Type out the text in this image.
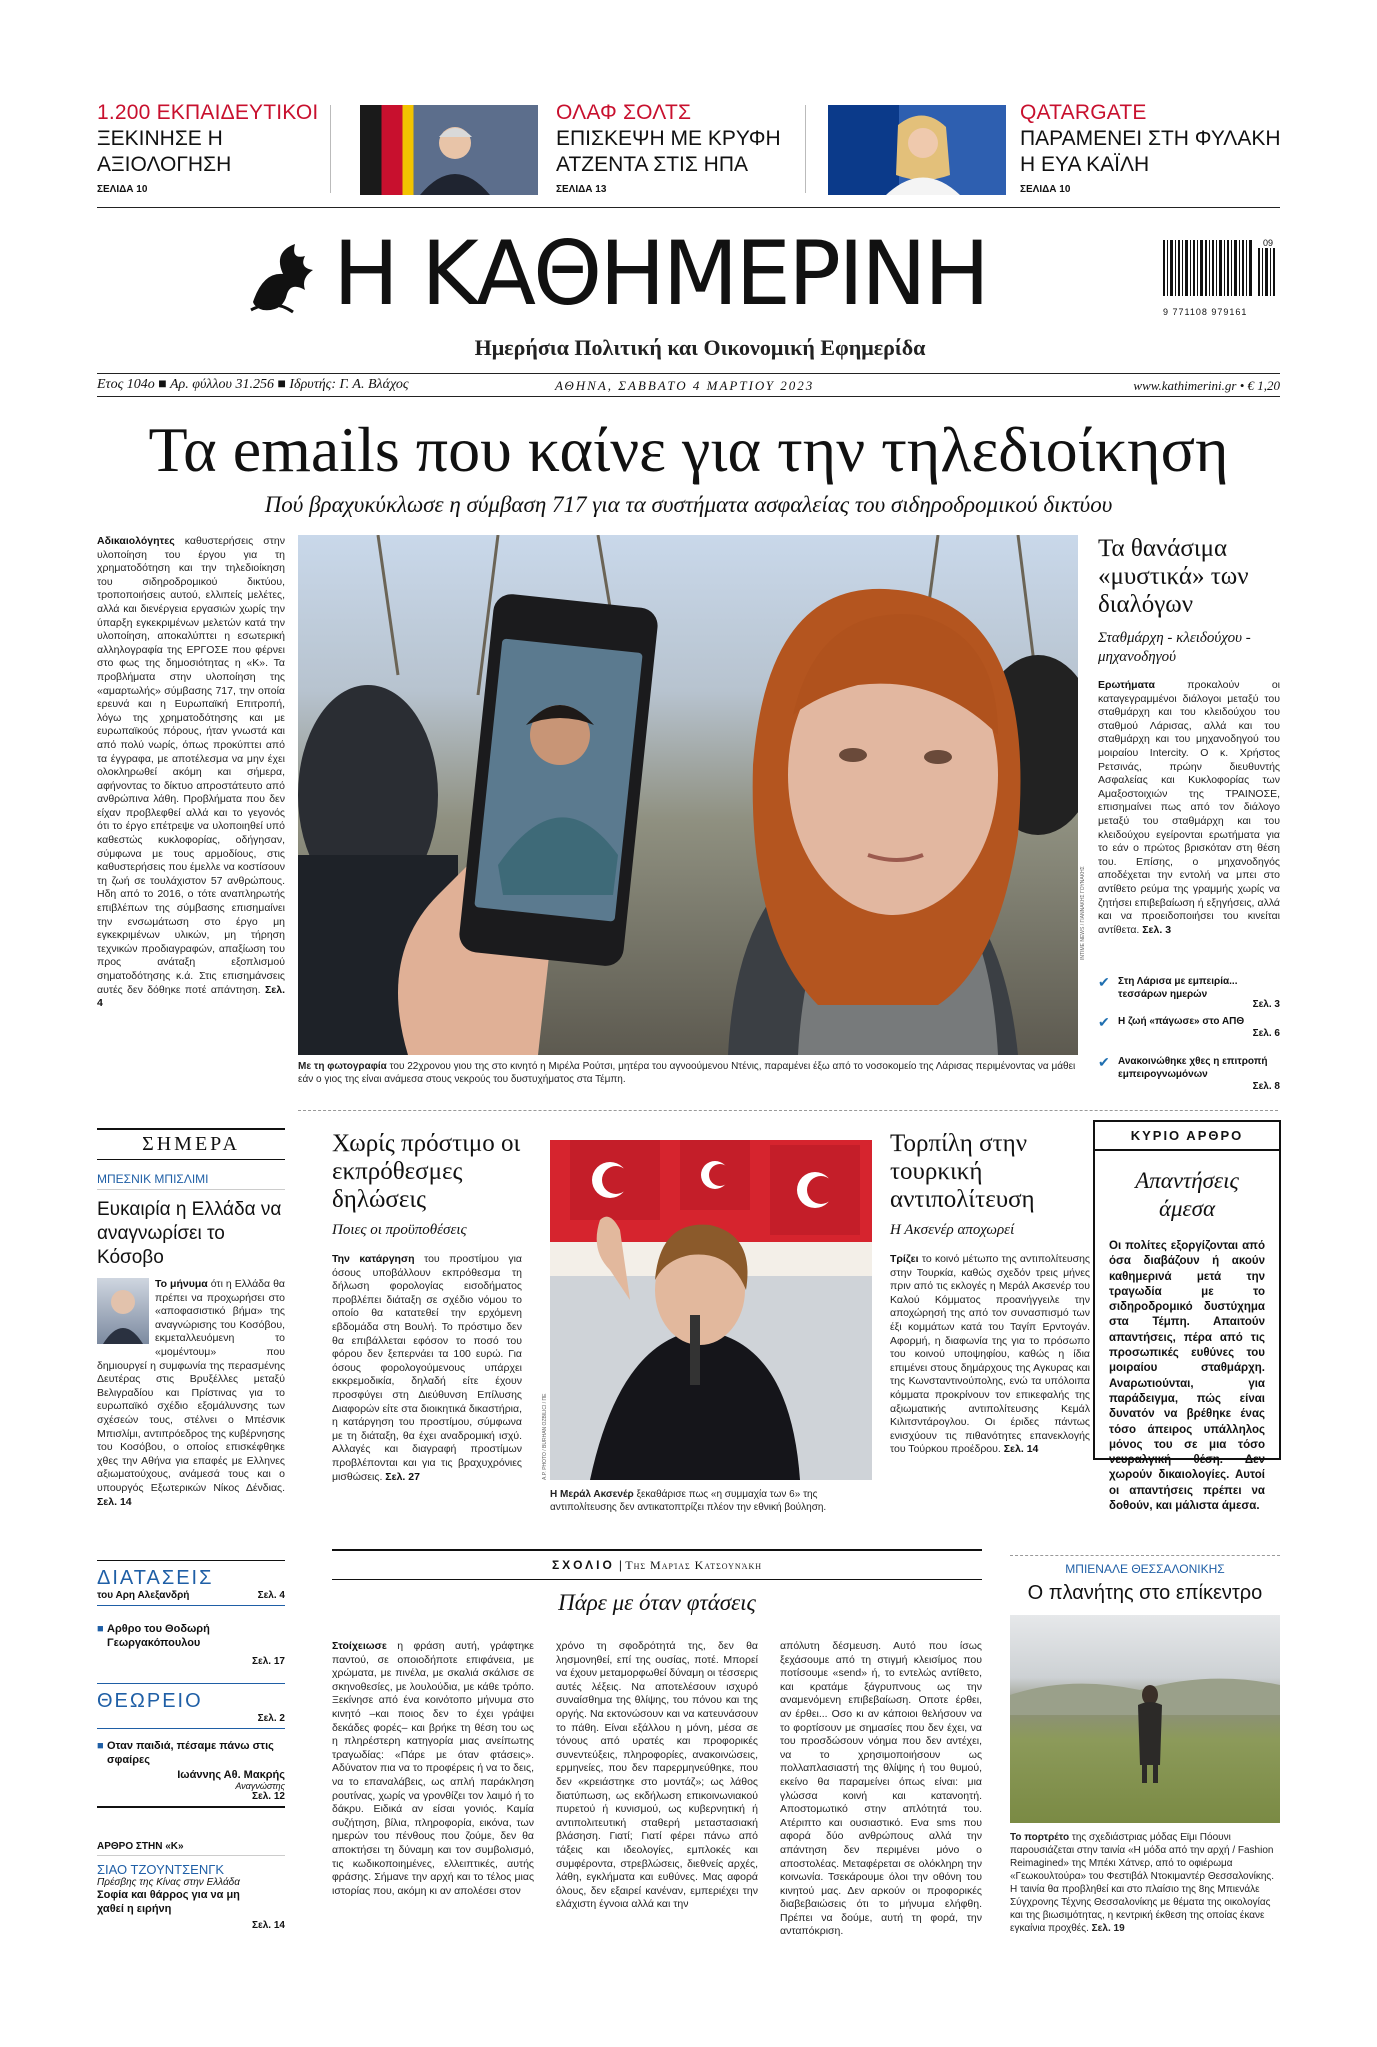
1.200 ΕΚΠΑΙΔΕΥΤΙΚΟΙ
ΞΕΚΙΝΗΣΕ Η ΑΞΙΟΛΟΓΗΣΗ
ΣΕΛΙΔΑ 10
ΟΛΑΦ ΣΟΛΤΣ
ΕΠΙΣΚΕΨΗ ΜΕ ΚΡΥΦΗ ΑΤΖΕΝΤΑ ΣΤΙΣ ΗΠΑ
ΣΕΛΙΔΑ 13
QATARGATE
ΠΑΡΑΜΕΝΕΙ ΣΤΗ ΦΥΛΑΚΗ Η ΕΥΑ ΚΑΪΛΗ
ΣΕΛΙΔΑ 10
Η ΚΑΘΗΜΕΡΙΝΗ
Ημερήσια Πολιτική και Οικονομική Εφημερίδα
9 771108 979161
09
Ετος 104ο ■ Αρ. φύλλου 31.256 ■ Ιδρυτής: Γ. Α. Βλάχος	ΑΘΗΝΑ, ΣΑΒΒΑΤΟ 4 ΜΑΡΤΙΟΥ 2023	www.kathimerini.gr • € 1,20
Τα emails που καίνε για την τηλεδιοίκηση
Πού βραχυκύκλωσε η σύμβαση 717 για τα συστήματα ασφαλείας του σιδηροδρομικού δικτύου
Αδικαιολόγητες καθυστερήσεις στην υλοποίηση του έργου για τη χρηματοδότηση και την τηλεδιοίκηση του σιδηροδρομικού δικτύου, τροποποιήσεις αυτού, ελλιπείς μελέτες, αλλά και διενέργεια εργασιών χωρίς την ύπαρξη εγκεκριμένων μελετών κατά την υλοποίηση, αποκαλύπτει η εσωτερική αλληλογραφία της ΕΡΓΟΣΕ που φέρνει στο φως της δημοσιότητας η «Κ». Τα προβλήματα στην υλοποίηση της «αμαρτωλής» σύμβασης 717, την οποία ερευνά και η Ευρωπαϊκή Επιτροπή, λόγω της χρηματοδότησης και με ευρωπαϊκούς πόρους, ήταν γνωστά και από πολύ νωρίς, όπως προκύπτει από τα έγγραφα, με αποτέλεσμα να μην έχει ολοκληρωθεί ακόμη και σήμερα, αφήνοντας το δίκτυο απροστάτευτο από ανθρώπινα λάθη. Προβλήματα που δεν είχαν προβλεφθεί αλλά και το γεγονός ότι το έργο επέτρεψε να υλοποιηθεί υπό καθεστώς κυκλοφορίας, οδήγησαν, σύμφωνα με τους αρμοδίους, στις καθυστερήσεις που έμελλε να κοστίσουν τη ζωή σε τουλάχιστον 57 ανθρώπους. Ηδη από το 2016, ο τότε αναπληρωτής επιβλέπων της σύμβασης επισημαίνει την ενσωμάτωση στο έργο μη εγκεκριμένων υλικών, μη τήρηση τεχνικών προδιαγραφών, απαξίωση του προς ανάταξη εξοπλισμού σηματοδότησης κ.ά. Στις επισημάνσεις αυτές δεν δόθηκε ποτέ απάντηση. Σελ. 4
Με τη φωτογραφία του 22χρονου γιου της στο κινητό η Μιρέλα Ρούτσι, μητέρα του αγνοούμενου Ντένις, παραμένει έξω από το νοσοκομείο της Λάρισας περιμένοντας να μάθει εάν ο γιος της είναι ανάμεσα στους νεκρούς του δυστυχήματος στα Τέμπη.
INTIME NEWS / ΓΙΑΝΝΑΚΗΣ ΓΟΥΝΑΚΗΣ
Τα θανάσιμα «μυστικά» των διαλόγων
Σταθμάρχη - κλειδούχου - μηχανοδηγού
Ερωτήματα	προκαλούν οι καταγεγραμμένοι διάλογοι μεταξύ του σταθμάρχη και του κλειδούχου του σταθμού Λάρισας, αλλά και του σταθμάρχη και του μηχανοδηγού του μοιραίου Intercity. Ο κ. Χρήστος Ρετσινάς, πρώην διευθυντής Ασφαλείας και Κυκλοφορίας των Αμαξοστοιχιών της ΤΡΑΙΝΟΣΕ, επισημαίνει πως από τον διάλογο μεταξύ του σταθμάρχη και του κλειδούχου εγείρονται ερωτήματα για το εάν ο πρώτος βρισκόταν στη θέση του. Επίσης, ο μηχανοδηγός αποδέχεται την εντολή να μπει στο αντίθετο ρεύμα της γραμμής χωρίς να ζητήσει επιβεβαίωση ή εξηγήσεις, αλλά και να προειδοποιήσει του κινείται αντίθετα. Σελ. 3
✔ Στη Λάρισα με εμπειρία... τεσσάρων ημερών
Σελ. 3
✔ Η ζωή «πάγωσε» στο ΑΠΘ
Σελ. 6
✔ Ανακοινώθηκε χθες η επιτροπή εμπειρογνωμόνων
Σελ. 8
ΣΗΜΕΡΑ
ΜΠΕΣΝΙΚ ΜΠΙΣΛΙΜΙ
Ευκαιρία η Ελλάδα να αναγνωρίσει το Κόσοβο
Το μήνυμα ότι η Ελλάδα θα πρέπει να προχωρήσει στο «αποφασιστικό βήμα» της αναγνώρισης του Κοσόβου, εκμεταλλευόμενη το «μομέντουμ» που δημιουργεί η συμφωνία της περασμένης Δευτέρας στις Βρυξέλλες μεταξύ Βελιγραδίου και Πρίστινας για το ευρωπαϊκό σχέδιο εξομάλυνσης των σχέσεών τους, στέλνει ο Μπέσνικ Μπισλίμι, αντιπρόεδρος της κυβέρνησης του Κοσόβου, ο οποίος επισκέφθηκε χθες την Αθήνα για επαφές με Ελληνες αξιωματούχους, ανάμεσά τους και ο υπουργός Εξωτερικών Νίκος Δένδιας. Σελ. 14
ΔΙΑΤΑΣΕΙΣ
του Αρη Αλεξανδρή	Σελ. 4
■ Αρθρο του Θοδωρή Γεωργακόπουλου
Σελ. 17
ΘΕΩΡΕΙΟ
Σελ. 2
■ Οταν παιδιά, πέσαμε πάνω στις σφαίρες
Ιωάννης Αθ. Μακρής
Αναγνώστης
Σελ. 12
ΑΡΘΡΟ ΣΤΗΝ «Κ»
ΣΙΑΟ ΤΖΟΥΝΤΣΕΝΓΚ
Πρέσβης της Κίνας στην Ελλάδα
Σοφία και θάρρος για να μη χαθεί η ειρήνη
Σελ. 14
Χωρίς πρόστιμο οι εκπρόθεσμες δηλώσεις
Ποιες οι προϋποθέσεις
Την κατάργηση του προστίμου για όσους υποβάλλουν εκπρόθεσμα τη δήλωση φορολογίας εισοδήματος προβλέπει διάταξη σε σχέδιο νόμου το οποίο θα κατατεθεί την ερχόμενη εβδομάδα στη Βουλή. Το πρόστιμο δεν θα επιβάλλεται εφόσον το ποσό του φόρου δεν ξεπερνάει τα 100 ευρώ. Για όσους φορολογούμενους υπάρχει εκκρεμοδικία, δηλαδή είτε έχουν προσφύγει στη Διεύθυνση Επίλυσης Διαφορών είτε στα διοικητικά δικαστήρια, η κατάργηση του προστίμου, σύμφωνα με τη διάταξη, θα έχει αναδρομική ισχύ. Αλλαγές και διαγραφή προστίμων προβλέπονται και για τις βραχυχρόνιες μισθώσεις. Σελ. 27
Η Μεράλ Ακσενέρ ξεκαθάρισε πως «η συμμαχία των 6» της αντιπολίτευσης δεν αντικατοπτρίζει πλέον την εθνική βούληση.
A.P. PHOTO / BURHAN OZBILICI / ΠΕ
Τορπίλη στην τουρκική αντιπολίτευση
Η Ακσενέρ αποχωρεί
Τρίζει το κοινό μέτωπο της αντιπολίτευσης στην Τουρκία, καθώς σχεδόν τρεις μήνες πριν από τις εκλογές η Μεράλ Ακσενέρ του Καλού Κόμματος προανήγγειλε την αποχώρησή της από τον συνασπισμό των έξι κομμάτων κατά του Ταγίπ Ερντογάν. Αφορμή, η διαφωνία της για το πρόσωπο του κοινού υποψηφίου, καθώς η ίδια επιμένει στους δημάρχους της Αγκυρας και της Κωνσταντινούπολης, ενώ τα υπόλοιπα κόμματα προκρίνουν τον επικεφαλής της αξιωματικής αντιπολίτευσης Κεμάλ Κιλιτσντάρογλου. Οι έριδες πάντως ενισχύουν τις πιθανότητες επανεκλογής του Τούρκου προέδρου. Σελ. 14
ΚΥΡΙΟ ΑΡΘΡΟ
Απαντήσεις άμεσα
Οι πολίτες εξοργίζονται από όσα διαβάζουν ή ακούν καθημερινά μετά την τραγωδία με το σιδηροδρομικό δυστύχημα στα Τέμπη. Απαιτούν απαντήσεις, πέρα από τις προσωπικές ευθύνες του μοιραίου σταθμάρχη. Αναρωτιούνται, για παράδειγμα, πώς είναι δυνατόν να βρέθηκε ένας τόσο άπειρος υπάλληλος μόνος του σε μια τόσο νευραλγική θέση. Δεν χωρούν δικαιολογίες. Αυτοί οι απαντήσεις πρέπει να δοθούν, και μάλιστα άμεσα.
ΣΧΟΛΙΟ | Της Μαρίας Κατσουνάκη
Πάρε με όταν φτάσεις
Στοίχειωσε η φράση αυτή, γράφτηκε παντού, σε οποιοδήποτε επιφάνεια, με χρώματα, με πινέλα, με σκαλιά σκάλισε σε σκηνοθεσίες, με λουλούδια, με κάθε τρόπο. Ξεκίνησε από ένα κοινότοπο μήνυμα στο κινητό –και ποιος δεν το έχει γράψει δεκάδες φορές– και βρήκε τη θέση του ως η πληρέστερη κατηγορία μιας ανείπωτης τραγωδίας: «Πάρε με όταν φτάσεις». Αδύνατον πια να το προφέρεις ή να το δεις, να το επαναλάβεις, ως απλή παράκληση ρουτίνας, χωρίς να γρονθίζει τον λαιμό ή το δάκρυ. Ειδικά αν είσαι γονιός. Καμία συζήτηση, βίλια, πληροφορία, εικόνα, των ημερών του πένθους που ζούμε, δεν θα αποκτήσει τη δύναμη και τον συμβολισμό, τις κωδικοποιημένες, ελλειπτικές, αυτής φράσης. Σήμανε την αρχή και το τέλος μιας ιστορίας που, ακόμη κι αν απολέσει στον
χρόνο τη σφοδρότητά της, δεν θα λησμονηθεί, επί της ουσίας, ποτέ. Μπορεί να έχουν μεταμορφωθεί δύναμη οι τέσσερις αυτές λέξεις. Να αποτελέσουν ισχυρό συναίσθημα της θλίψης, του πόνου και της οργής. Να εκτονώσουν και να κατευνάσουν το πάθη. Είναι εξάλλου η μόνη, μέσα σε τόνους από υρατές και προφορικές συνεντεύξεις, πληροφορίες, ανακοινώσεις, ερμηνείες, που δεν παρερμηνεύθηκε, που δεν «κρειάστηκε στο μοντάζ»; ως λάθος διατύπωση, ως εκδήλωση επικοινωνιακού πυρετού ή κυνισμού, ως κυβερνητική ή αντιπολιτευτική σταθερή μεταστασιακή βλάσηση. Γιατί; Γιατί φέρει πάνω από τάξεις και ιδεολογίες, εμπλοκές και συμφέροντα, στρεβλώσεις, διεθνείς αρχές, λάθη, εγκλήματα και ευθύνες. Μας αφορά όλους, δεν εξαιρεί κανέναν, εμπεριέχει την ελάχιστη έγνοια αλλά και την
απόλυτη δέσμευση. Αυτό που ίσως ξεχάσουμε από τη στιγμή κλεισίμος που ποτίσουμε «send» ή, το εντελώς αντίθετο, και κρατάμε ξάγρυπνους ως την αναμενόμενη επιβεβαίωση. Οποτε έρθει, αν έρθει... Οσο κι αν κάποιοι θελήσουν να το φορτίσουν με σημασίες που δεν έχει, να του προσδώσουν νόημα που δεν αντέχει, να το χρησιμοποιήσουν ως πολλαπλασιαστή της θλίψης ή του θυμού, εκείνο θα παραμείνει όπως είναι: μια γλώσσα κοινή και κατανοητή. Αποστομωτικό στην απλότητά του. Ατέριπτο και ουσιαστικό. Ενα sms που αφορά δύο ανθρώπους αλλά την απάντηση δεν περιμένει μόνο ο αποστολέας. Μεταφέρεται σε ολόκληρη την κοινωνία. Τσεκάρουμε όλοι την οθόνη του κινητού μας. Δεν αρκούν οι προφορικές διαβεβαιώσεις ότι το μήνυμα ελήφθη. Πρέπει να δούμε, αυτή τη φορά, την ανταπόκριση.
ΜΠΙΕΝΑΛΕ ΘΕΣΣΑΛΟΝΙΚΗΣ
Ο πλανήτης στο επίκεντρο
Το πορτρέτο της σχεδιάστριας μόδας Εϊμι Πόουνι παρουσιάζεται στην ταινία «Η μόδα από την αρχή / Fashion Reimagined» της Μπέκι Χάτνερ, από το οφιέρωμα «Γεωκουλτούρα» του Φεστιβάλ Ντοκιμαντέρ Θεσσαλονίκης. Η ταινία θα προβληθεί και στο πλαίσιο της 8ης Μπιενάλε Σύγχρονης Τέχνης Θεσσαλονίκης με θέματα της οικολογίας και της βιωσιμότητας, η κεντρική έκθεση της οποίας έκανε εγκαίνια προχθές. Σελ. 19
